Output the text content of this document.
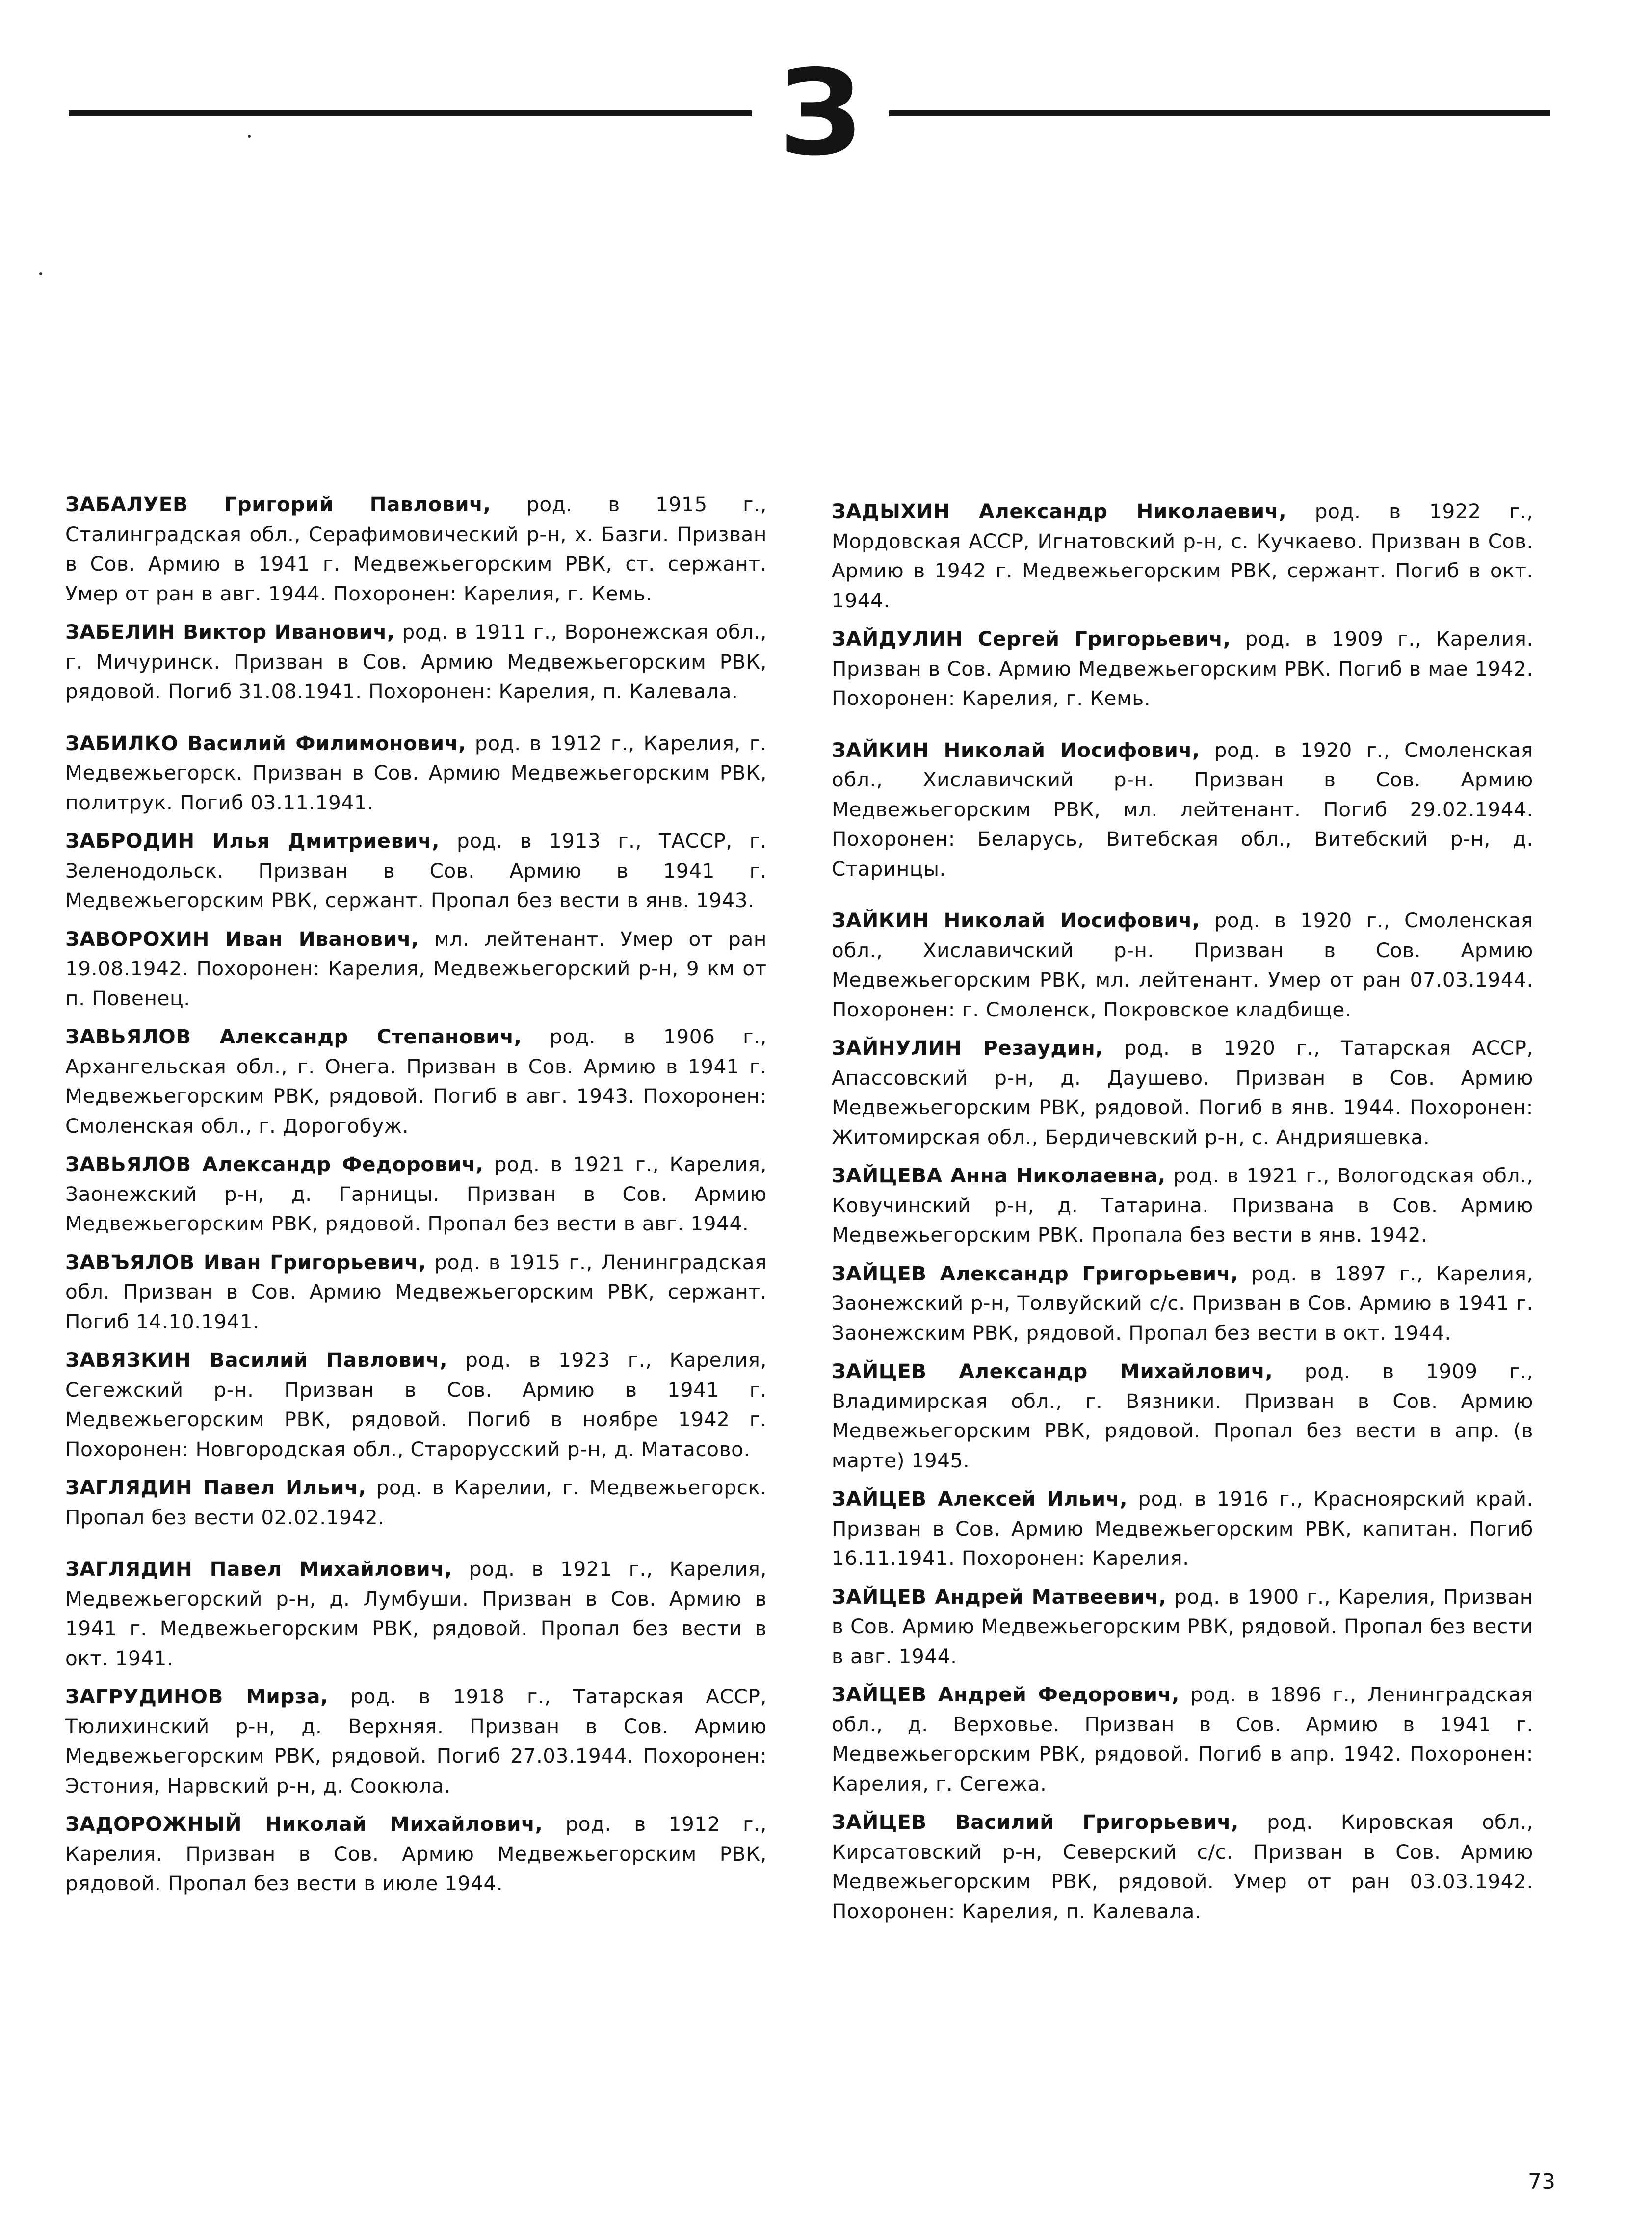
З

ЗАБАЛУЕВ Григорий Павлович, род. в 1915 г., Сталинградская обл., Серафимовический р-н, х. Базги. Призван в Сов. Армию в 1941 г. Медвежьегорским РВК, ст. сержант. Умер от ран в авг. 1944. Похоронен: Карелия, г. Кемь.

ЗАБЕЛИН Виктор Иванович, род. в 1911 г., Воронежская обл., г. Мичуринск. Призван в Сов. Армию Медвежьегорским РВК, рядовой. Погиб 31.08.1941. Похоронен: Карелия, п. Калевала.

ЗАБИЛКО Василий Филимонович, род. в 1912 г., Карелия, г. Медвежьегорск. Призван в Сов. Армию Медвежьегорским РВК, политрук. Погиб 03.11.1941.

ЗАБРОДИН Илья Дмитриевич, род. в 1913 г., ТАССР, г. Зеленодольск. Призван в Сов. Армию в 1941 г. Медвежьегорским РВК, сержант. Пропал без вести в янв. 1943.

ЗАВОРОХИН Иван Иванович, мл. лейтенант. Умер от ран 19.08.1942. Похоронен: Карелия, Медвежьегорский р-н, 9 км от п. Повенец.

ЗАВЬЯЛОВ Александр Степанович, род. в 1906 г., Архангельская обл., г. Онега. Призван в Сов. Армию в 1941 г. Медвежьегорским РВК, рядовой. Погиб в авг. 1943. Похоронен: Смоленская обл., г. Дорогобуж.

ЗАВЬЯЛОВ Александр Федорович, род. в 1921 г., Карелия, Заонежский р-н, д. Гарницы. Призван в Сов. Армию Медвежьегорским РВК, рядовой. Пропал без вести в авг. 1944.

ЗАВЪЯЛОВ Иван Григорьевич, род. в 1915 г., Ленинградская обл. Призван в Сов. Армию Медвежьегорским РВК, сержант. Погиб 14.10.1941.

ЗАВЯЗКИН Василий Павлович, род. в 1923 г., Карелия, Сегежский р-н. Призван в Сов. Армию в 1941 г. Медвежьегорским РВК, рядовой. Погиб в ноябре 1942 г. Похоронен: Новгородская обл., Старорусский р-н, д. Матасово.

ЗАГЛЯДИН Павел Ильич, род. в Карелии, г. Медвежьегорск. Пропал без вести 02.02.1942.

ЗАГЛЯДИН Павел Михайлович, род. в 1921 г., Карелия, Медвежьегорский р-н, д. Лумбуши. Призван в Сов. Армию в 1941 г. Медвежьегорским РВК, рядовой. Пропал без вести в окт. 1941.

ЗАГРУДИНОВ Мирза, род. в 1918 г., Татарская АССР, Тюлихинский р-н, д. Верхняя. Призван в Сов. Армию Медвежьегорским РВК, рядовой. Погиб 27.03.1944. Похоронен: Эстония, Нарвский р-н, д. Соокюла.

ЗАДОРОЖНЫЙ Николай Михайлович, род. в 1912 г., Карелия. Призван в Сов. Армию Медвежьегорским РВК, рядовой. Пропал без вести в июле 1944.

ЗАДЫХИН Александр Николаевич, род. в 1922 г., Мордовская АССР, Игнатовский р-н, с. Кучкаево. Призван в Сов. Армию в 1942 г. Медвежьегорским РВК, сержант. Погиб в окт. 1944.

ЗАЙДУЛИН Сергей Григорьевич, род. в 1909 г., Карелия. Призван в Сов. Армию Медвежьегорским РВК. Погиб в мае 1942. Похоронен: Карелия, г. Кемь.

ЗАЙКИН Николай Иосифович, род. в 1920 г., Смоленская обл., Хиславичский р-н. Призван в Сов. Армию Медвежьегорским РВК, мл. лейтенант. Погиб 29.02.1944. Похоронен: Беларусь, Витебская обл., Витебский р-н, д. Старинцы.

ЗАЙКИН Николай Иосифович, род. в 1920 г., Смоленская обл., Хиславичский р-н. Призван в Сов. Армию Медвежьегорским РВК, мл. лейтенант. Умер от ран 07.03.1944. Похоронен: г. Смоленск, Покровское кладбище.

ЗАЙНУЛИН Резаудин, род. в 1920 г., Татарская АССР, Апассовский р-н, д. Даушево. Призван в Сов. Армию Медвежьегорским РВК, рядовой. Погиб в янв. 1944. Похоронен: Житомирская обл., Бердичевский р-н, с. Андрияшевка.

ЗАЙЦЕВА Анна Николаевна, род. в 1921 г., Вологодская обл., Ковучинский р-н, д. Татарина. Призвана в Сов. Армию Медвежьегорским РВК. Пропала без вести в янв. 1942.

ЗАЙЦЕВ Александр Григорьевич, род. в 1897 г., Карелия, Заонежский р-н, Толвуйский с/с. Призван в Сов. Армию в 1941 г. Заонежским РВК, рядовой. Пропал без вести в окт. 1944.

ЗАЙЦЕВ Александр Михайлович, род. в 1909 г., Владимирская обл., г. Вязники. Призван в Сов. Армию Медвежьегорским РВК, рядовой. Пропал без вести в апр. (в марте) 1945.

ЗАЙЦЕВ Алексей Ильич, род. в 1916 г., Красноярский край. Призван в Сов. Армию Медвежьегорским РВК, капитан. Погиб 16.11.1941. Похоронен: Карелия.

ЗАЙЦЕВ Андрей Матвеевич, род. в 1900 г., Карелия, Призван в Сов. Армию Медвежьегорским РВК, рядовой. Пропал без вести в авг. 1944.

ЗАЙЦЕВ Андрей Федорович, род. в 1896 г., Ленинградская обл., д. Верховье. Призван в Сов. Армию в 1941 г. Медвежьегорским РВК, рядовой. Погиб в апр. 1942. Похоронен: Карелия, г. Сегежа.

ЗАЙЦЕВ Василий Григорьевич, род. Кировская обл., Кирсатовский р-н, Северский с/с. Призван в Сов. Армию Медвежьегорским РВК, рядовой. Умер от ран 03.03.1942. Похоронен: Карелия, п. Калевала.

73
